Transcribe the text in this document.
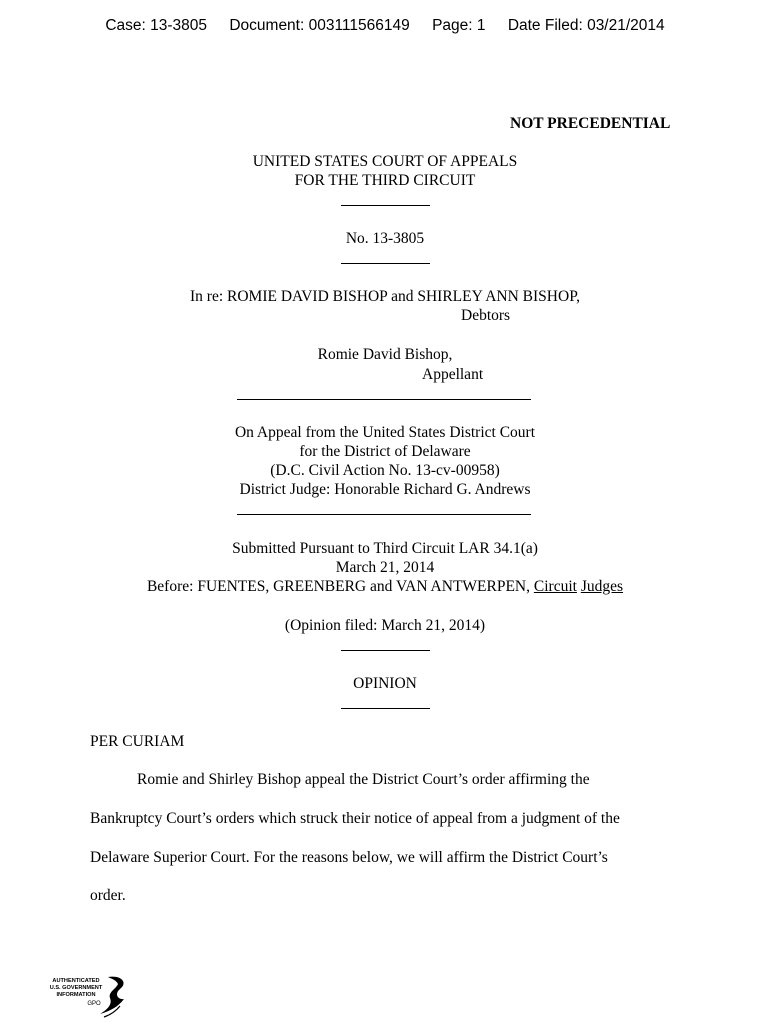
Case: 13-3805 Document: 003111566149 Page: 1 Date Filed: 03/21/2014
NOT PRECEDENTIAL
UNITED STATES COURT OF APPEALS
FOR THE THIRD CIRCUIT
No. 13-3805
In re: ROMIE DAVID BISHOP and SHIRLEY ANN BISHOP,
Debtors
Romie David Bishop,
Appellant
On Appeal from the United States District Court
for the District of Delaware
(D.C. Civil Action No. 13-cv-00958)
District Judge: Honorable Richard G. Andrews
Submitted Pursuant to Third Circuit LAR 34.1(a)
March 21, 2014
Before: FUENTES, GREENBERG and VAN ANTWERPEN, Circuit Judges
(Opinion filed: March 21, 2014)
OPINION
PER CURIAM
Romie and Shirley Bishop appeal the District Court’s order affirming the
Bankruptcy Court’s orders which struck their notice of appeal from a judgment of the
Delaware Superior Court. For the reasons below, we will affirm the District Court’s
order.
AUTHENTICATED
U.S. GOVERNMENT
INFORMATION
GPO
